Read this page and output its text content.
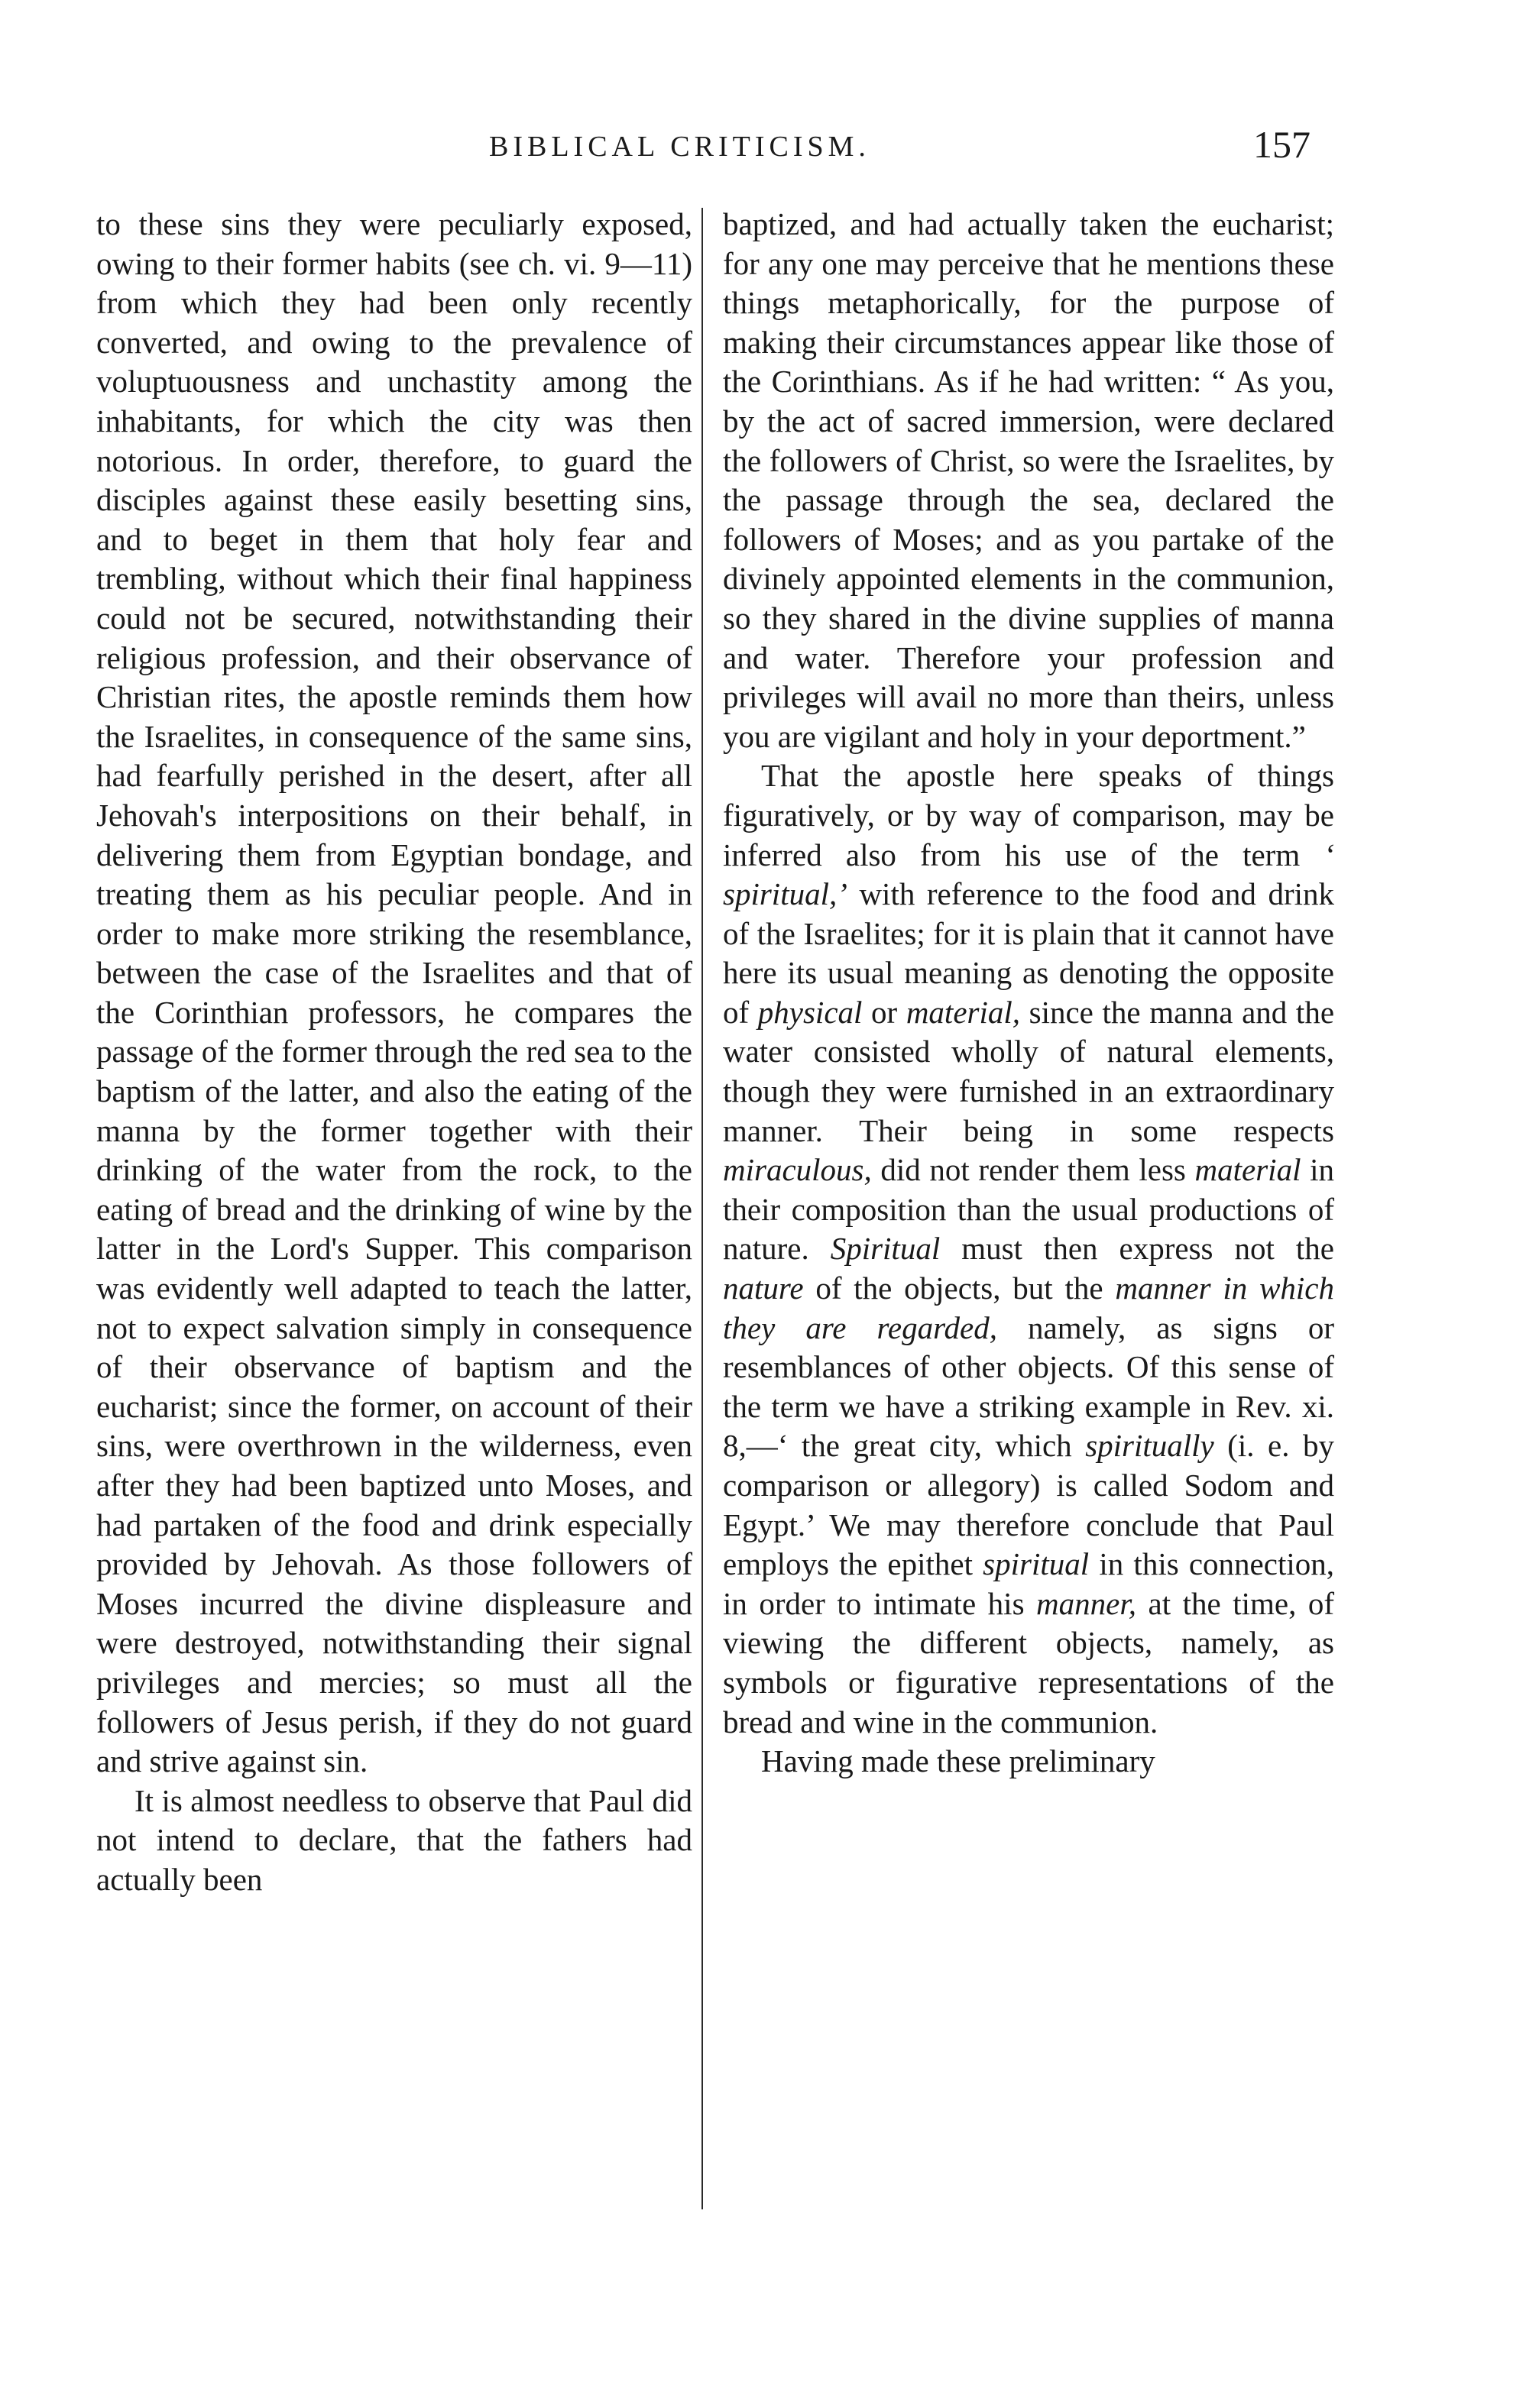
BIBLICAL CRITICISM.	157

to these sins they were peculiarly exposed, owing to their former habits (see ch. vi. 9—11) from which they had been only recently converted, and owing to the prevalence of voluptuousness and unchastity among the inhabitants, for which the city was then notorious. In order, therefore, to guard the disciples against these easily besetting sins, and to beget in them that holy fear and trembling, without which their final happiness could not be secured, notwithstanding their religious profession, and their observance of Christian rites, the apostle reminds them how the Israelites, in consequence of the same sins, had fearfully perished in the desert, after all Jehovah's interpositions on their behalf, in delivering them from Egyptian bondage, and treating them as his peculiar people. And in order to make more striking the resemblance, between the case of the Israelites and that of the Corinthian professors, he compares the passage of the former through the red sea to the baptism of the latter, and also the eating of the manna by the former together with their drinking of the water from the rock, to the eating of bread and the drinking of wine by the latter in the Lord's Supper. This comparison was evidently well adapted to teach the latter, not to expect salvation simply in consequence of their observance of baptism and the eucharist; since the former, on account of their sins, were overthrown in the wilderness, even after they had been baptized unto Moses, and had partaken of the food and drink especially provided by Jehovah. As those followers of Moses incurred the divine displeasure and were destroyed, notwithstanding their signal privileges and mercies; so must all the followers of Jesus perish, if they do not guard and strive against sin.

It is almost needless to observe that Paul did not intend to declare, that the fathers had actually been

baptized, and had actually taken the eucharist; for any one may perceive that he mentions these things metaphorically, for the purpose of making their circumstances appear like those of the Corinthians. As if he had written: “ As you, by the act of sacred immersion, were declared the followers of Christ, so were the Israelites, by the passage through the sea, declared the followers of Moses; and as you partake of the divinely appointed elements in the communion, so they shared in the divine supplies of manna and water. Therefore your profession and privileges will avail no more than theirs, unless you are vigilant and holy in your deportment.”

That the apostle here speaks of things figuratively, or by way of comparison, may be inferred also from his use of the term ‘ spiritual,’ with reference to the food and drink of the Israelites; for it is plain that it cannot have here its usual meaning as denoting the opposite of physical or material, since the manna and the water consisted wholly of natural elements, though they were furnished in an extraordinary manner. Their being in some respects miraculous, did not render them less material in their composition than the usual productions of nature. Spiritual must then express not the nature of the objects, but the manner in which they are regarded, namely, as signs or resemblances of other objects. Of this sense of the term we have a striking example in Rev. xi. 8,—‘ the great city, which spiritually (i. e. by comparison or allegory) is called Sodom and Egypt.’ We may therefore conclude that Paul employs the epithet spiritual in this connection, in order to intimate his manner, at the time, of viewing the different objects, namely, as symbols or figurative representations of the bread and wine in the communion.

Having made these preliminary
